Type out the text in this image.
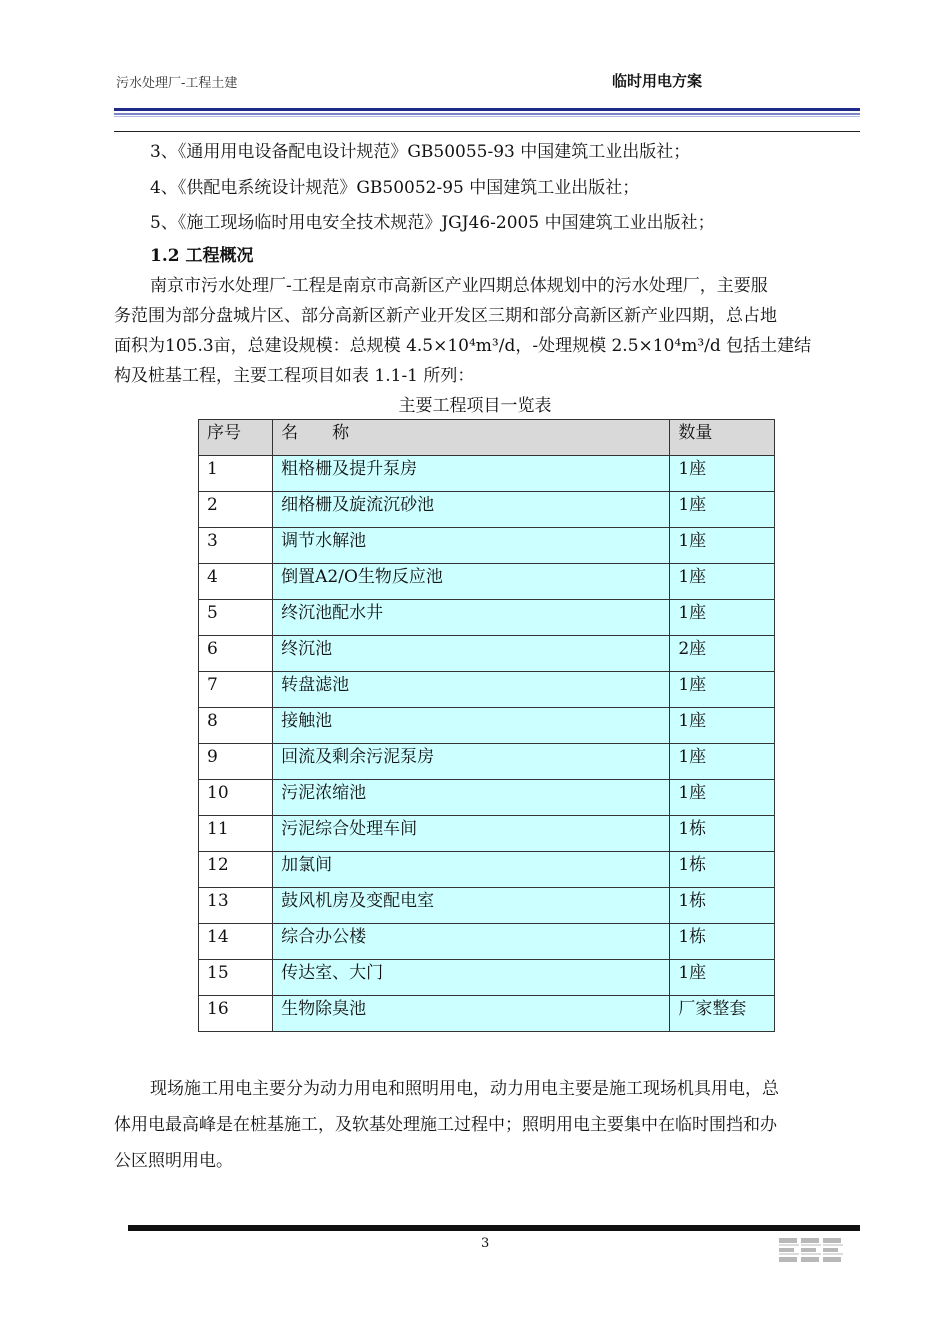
污水处理厂-工程土建	临时用电方案
3、《通用用电设备配电设计规范》GB50055-93 中国建筑工业出版社；
4、《供配电系统设计规范》GB50052-95 中国建筑工业出版社；
5、《施工现场临时用电安全技术规范》JGJ46-2005 中国建筑工业出版社；
1.2 工程概况
南京市污水处理厂-工程是南京市高新区产业四期总体规划中的污水处理厂，主要服
务范围为部分盘城片区、部分高新区新产业开发区三期和部分高新区新产业四期，总占地
面积为105.3亩，总建设规模：总规模 4.5×10⁴m³/d，-处理规模 2.5×10⁴m³/d 包括土建结
构及桩基工程，主要工程项目如表 1.1-1 所列：
主要工程项目一览表
序号	名　　称	数量
1	粗格栅及提升泵房	1座
2	细格栅及旋流沉砂池	1座
3	调节水解池	1座
4	倒置A2/O生物反应池	1座
5	终沉池配水井	1座
6	终沉池	2座
7	转盘滤池	1座
8	接触池	1座
9	回流及剩余污泥泵房	1座
10	污泥浓缩池	1座
11	污泥综合处理车间	1栋
12	加氯间	1栋
13	鼓风机房及变配电室	1栋
14	综合办公楼	1栋
15	传达室、大门	1座
16	生物除臭池	厂家整套
现场施工用电主要分为动力用电和照明用电，动力用电主要是施工现场机具用电，总
体用电最高峰是在桩基施工，及软基处理施工过程中；照明用电主要集中在临时围挡和办
公区照明用电。
3
